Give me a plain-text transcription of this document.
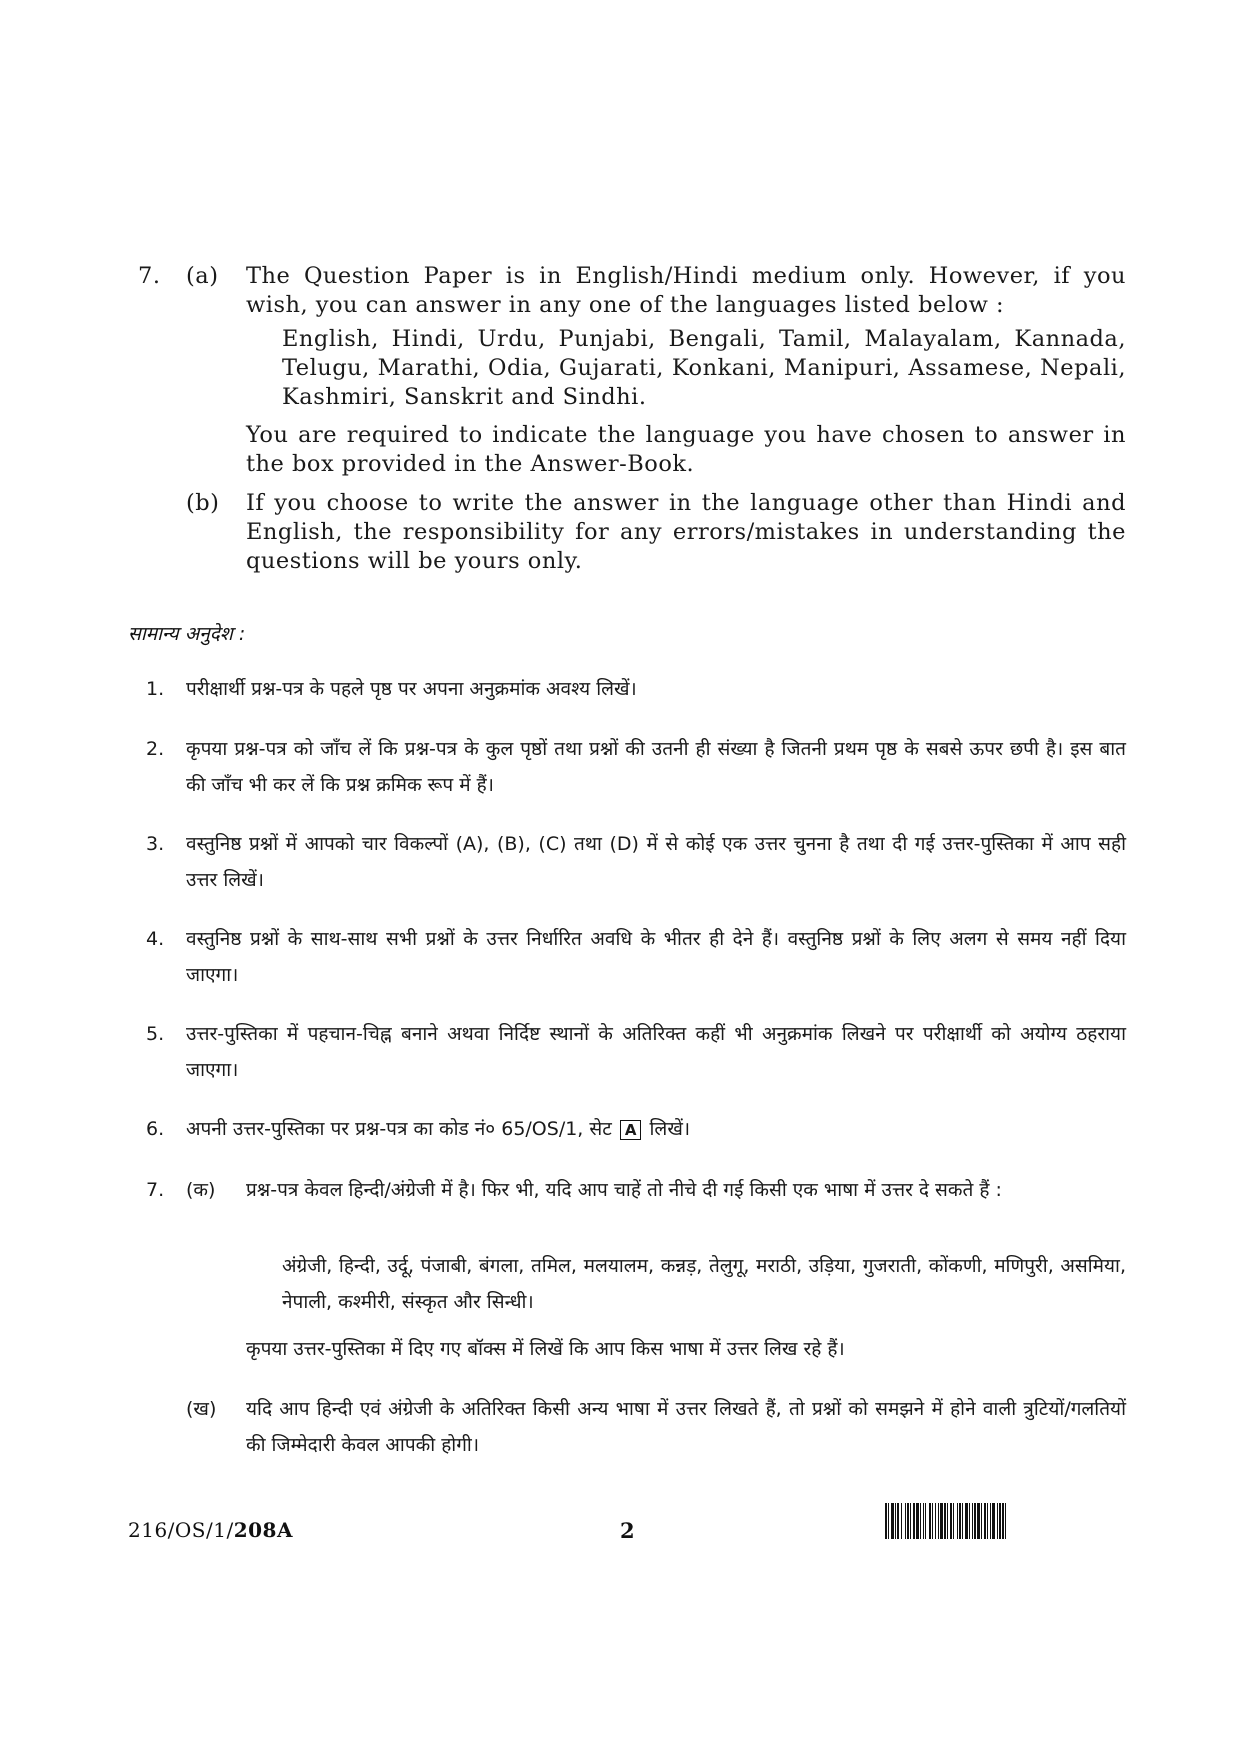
7. (a) The Question Paper is in English/Hindi medium only. However, if you wish, you can answer in any one of the languages listed below :
English, Hindi, Urdu, Punjabi, Bengali, Tamil, Malayalam, Kannada, Telugu, Marathi, Odia, Gujarati, Konkani, Manipuri, Assamese, Nepali, Kashmiri, Sanskrit and Sindhi.
You are required to indicate the language you have chosen to answer in the box provided in the Answer-Book.
(b) If you choose to write the answer in the language other than Hindi and English, the responsibility for any errors/mistakes in understanding the questions will be yours only.
सामान्य अनुदेश :
1. परीक्षार्थी प्रश्न-पत्र के पहले पृष्ठ पर अपना अनुक्रमांक अवश्य लिखें।
2. कृपया प्रश्न-पत्र को जाँच लें कि प्रश्न-पत्र के कुल पृष्ठों तथा प्रश्नों की उतनी ही संख्या है जितनी प्रथम पृष्ठ के सबसे ऊपर छपी है। इस बात की जाँच भी कर लें कि प्रश्न क्रमिक रूप में हैं।
3. वस्तुनिष्ठ प्रश्नों में आपको चार विकल्पों (A), (B), (C) तथा (D) में से कोई एक उत्तर चुनना है तथा दी गई उत्तर-पुस्तिका में आप सही उत्तर लिखें।
4. वस्तुनिष्ठ प्रश्नों के साथ-साथ सभी प्रश्नों के उत्तर निर्धारित अवधि के भीतर ही देने हैं। वस्तुनिष्ठ प्रश्नों के लिए अलग से समय नहीं दिया जाएगा।
5. उत्तर-पुस्तिका में पहचान-चिह्न बनाने अथवा निर्दिष्ट स्थानों के अतिरिक्त कहीं भी अनुक्रमांक लिखने पर परीक्षार्थी को अयोग्य ठहराया जाएगा।
6. अपनी उत्तर-पुस्तिका पर प्रश्न-पत्र का कोड नं० 65/OS/1, सेट A लिखें।
7. (क) प्रश्न-पत्र केवल हिन्दी/अंग्रेजी में है। फिर भी, यदि आप चाहें तो नीचे दी गई किसी एक भाषा में उत्तर दे सकते हैं :
अंग्रेजी, हिन्दी, उर्दू, पंजाबी, बंगला, तमिल, मलयालम, कन्नड़, तेलुगू, मराठी, उड़िया, गुजराती, कोंकणी, मणिपुरी, असमिया, नेपाली, कश्मीरी, संस्कृत और सिन्धी।
कृपया उत्तर-पुस्तिका में दिए गए बॉक्स में लिखें कि आप किस भाषा में उत्तर लिख रहे हैं।
(ख) यदि आप हिन्दी एवं अंग्रेजी के अतिरिक्त किसी अन्य भाषा में उत्तर लिखते हैं, तो प्रश्नों को समझने में होने वाली त्रुटियों/गलतियों की जिम्मेदारी केवल आपकी होगी।
216/OS/1/208A	2
